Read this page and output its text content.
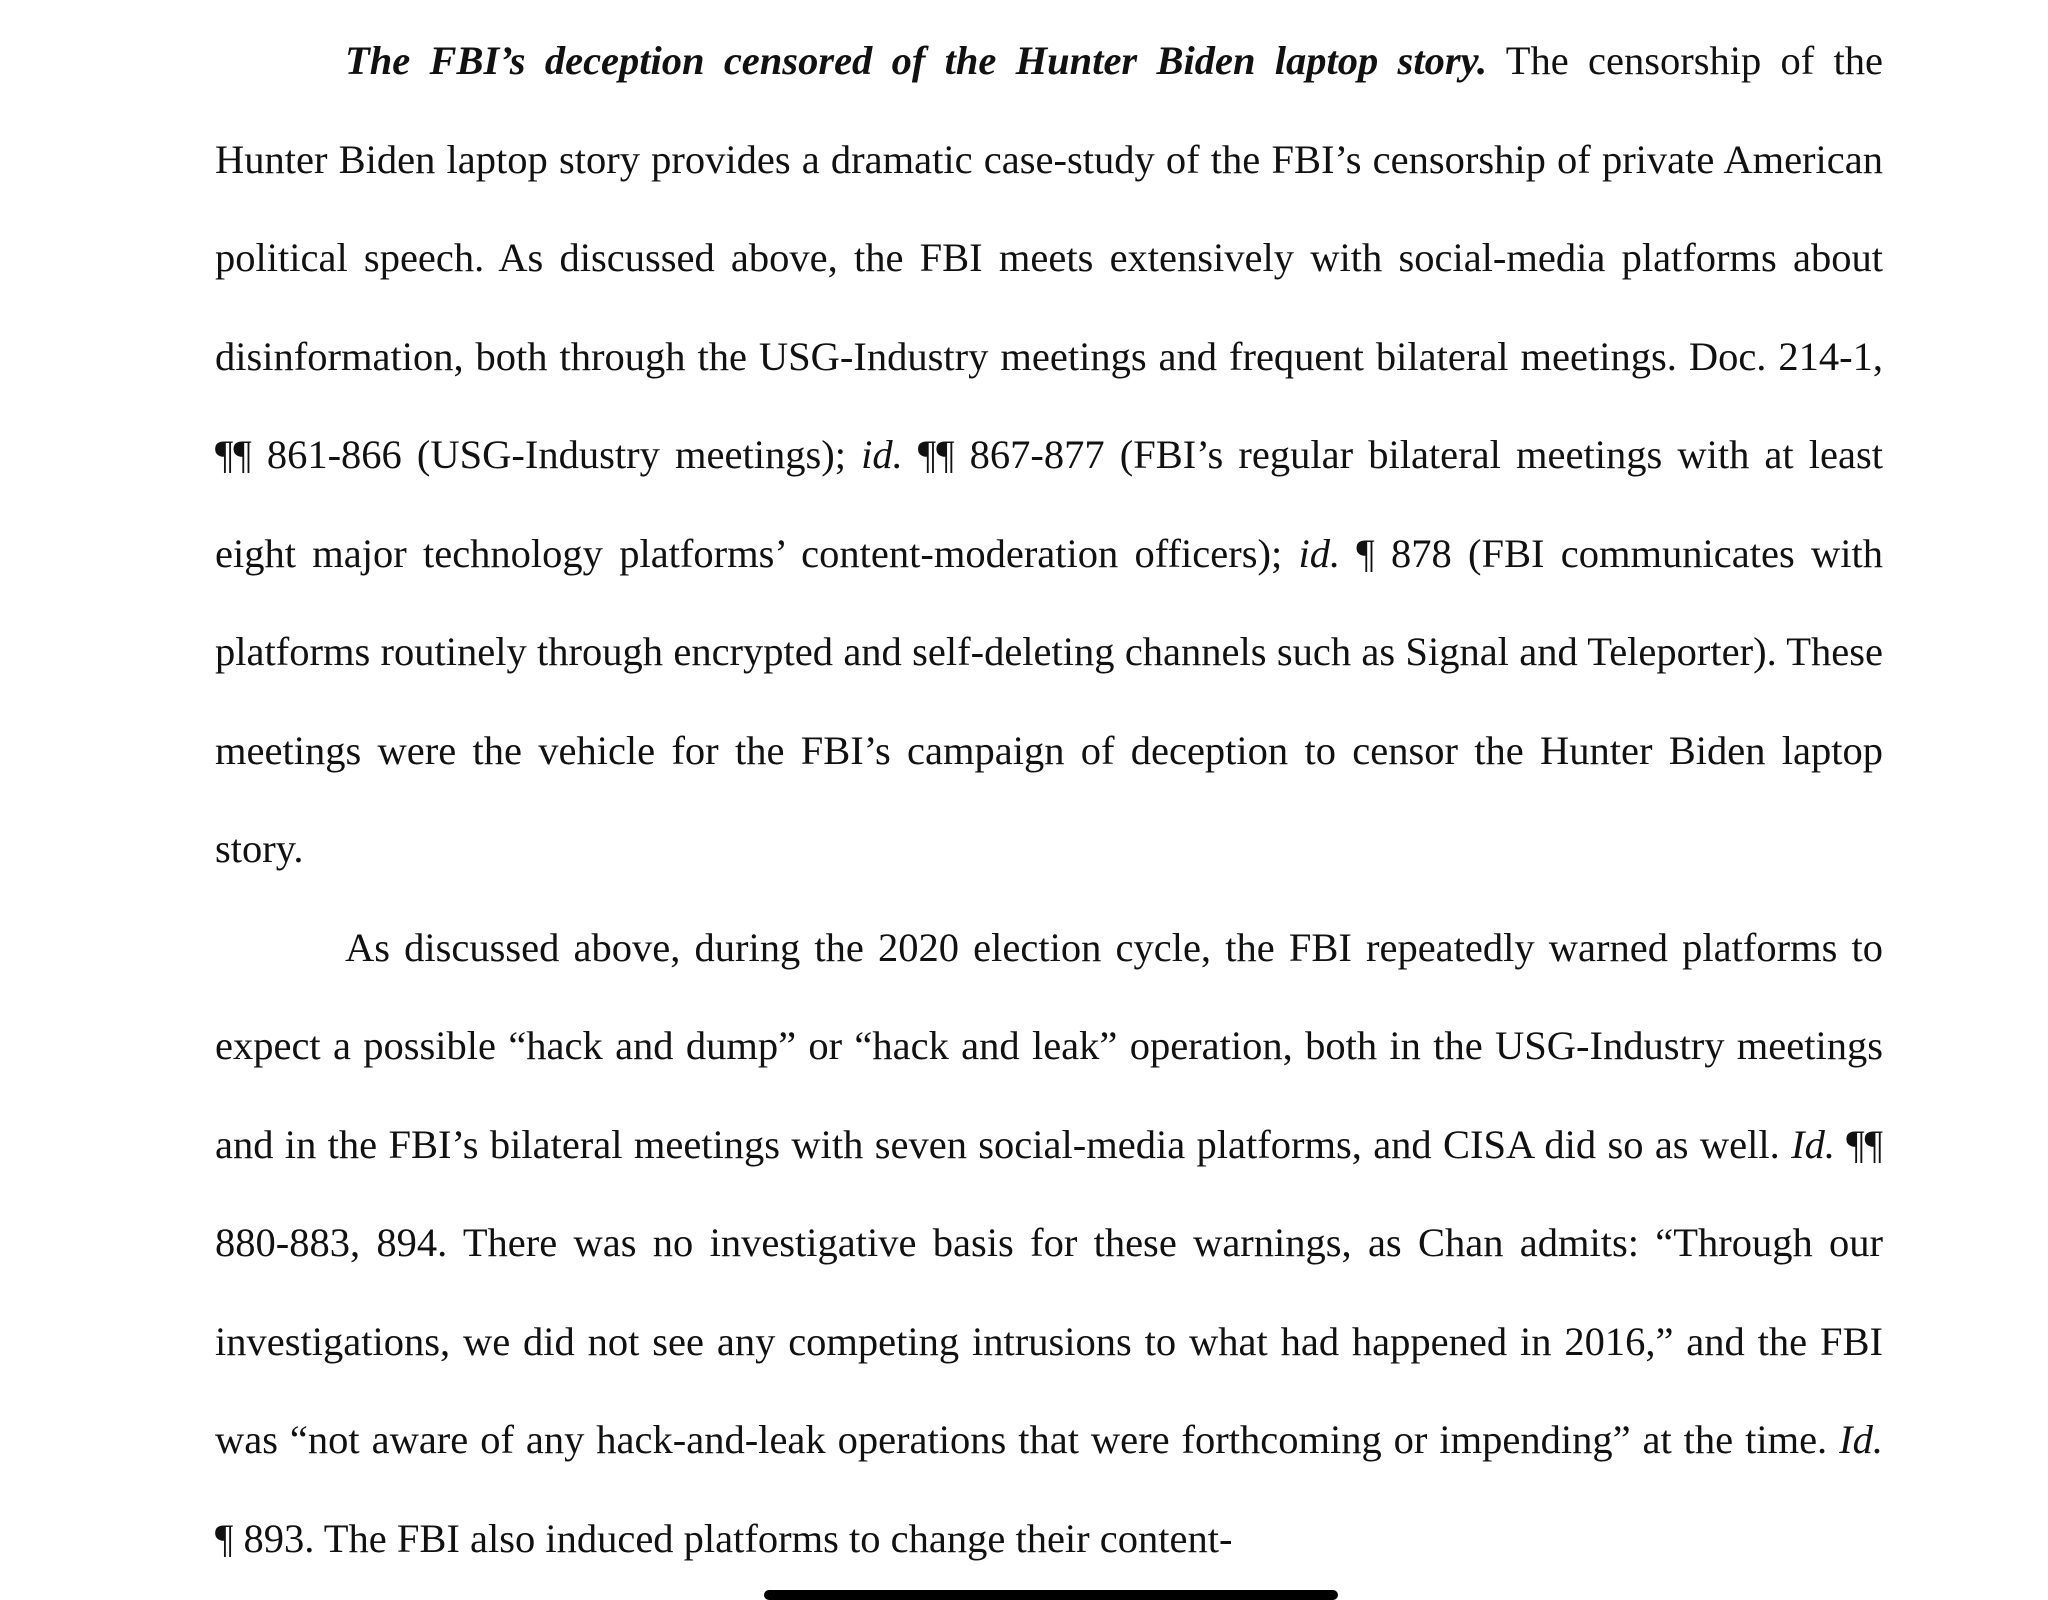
The FBI’s deception censored of the Hunter Biden laptop story. The censorship of the Hunter Biden laptop story provides a dramatic case-study of the FBI’s censorship of private American political speech. As discussed above, the FBI meets extensively with social-media platforms about disinformation, both through the USG-Industry meetings and frequent bilateral meetings. Doc. 214-1, ¶¶ 861-866 (USG-Industry meetings); id. ¶¶ 867-877 (FBI’s regular bilateral meetings with at least eight major technology platforms’ content-moderation officers); id. ¶ 878 (FBI communicates with platforms routinely through encrypted and self-deleting channels such as Signal and Teleporter). These meetings were the vehicle for the FBI’s campaign of deception to censor the Hunter Biden laptop story.

As discussed above, during the 2020 election cycle, the FBI repeatedly warned platforms to expect a possible “hack and dump” or “hack and leak” operation, both in the USG-Industry meetings and in the FBI’s bilateral meetings with seven social-media platforms, and CISA did so as well. Id. ¶¶ 880-883, 894. There was no investigative basis for these warnings, as Chan admits: “Through our investigations, we did not see any competing intrusions to what had happened in 2016,” and the FBI was “not aware of any hack-and-leak operations that were forthcoming or impending” at the time. Id. ¶ 893. The FBI also induced platforms to change their content-
